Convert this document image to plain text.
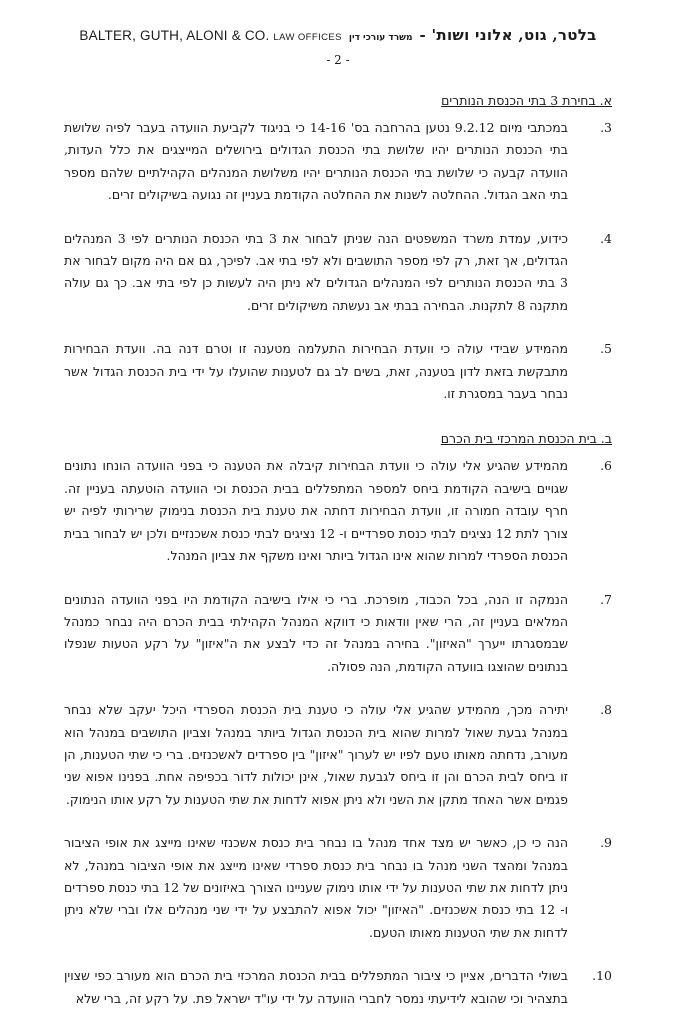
בלטר, גוט, אלוני ושות' -
משרד עורכי דין
BALTER, GUTH, ALONI & CO. LAW OFFICES
- 2 -
א. בחירת 3 בתי הכנסת הנותרים
3.
במכתבי מיום 9.2.12 נטען בהרחבה בס' 14-16 כי בניגוד לקביעת הוועדה בעבר לפיה שלושת בתי הכנסת הנותרים יהיו שלושת בתי הכנסת הגדולים בירושלים המייצגים את כלל העדות, הוועדה קבעה כי שלושת בתי הכנסת הנותרים יהיו משלושת המנהלים הקהילתיים שלהם מספר בתי האב הגדול. ההחלטה לשנות את ההחלטה הקודמת בעניין זה נגועה בשיקולים זרים.
4.
כידוע, עמדת משרד המשפטים הנה שניתן לבחור את 3 בתי הכנסת הנותרים לפי 3 המנהלים הגדולים, אך זאת, רק לפי מספר התושבים ולא לפי בתי אב. לפיכך, גם אם היה מקום לבחור את 3 בתי הכנסת הנותרים לפי המנהלים הגדולים לא ניתן היה לעשות כן לפי בתי אב. כך גם עולה מתקנה 8 לתקנות. הבחירה בבתי אב נעשתה משיקולים זרים.
5.
מהמידע שבידי עולה כי וועדת הבחירות התעלמה מטענה זו וטרם דנה בה. וועדת הבחירות מתבקשת בזאת לדון בטענה, זאת, בשים לב גם לטענות שהועלו על ידי בית הכנסת הגדול אשר נבחר בעבר במסגרת זו.
ב. בית הכנסת המרכזי בית הכרם
6.
מהמידע שהגיע אלי עולה כי וועדת הבחירות קיבלה את הטענה כי בפני הוועדה הונחו נתונים שגויים בישיבה הקודמת ביחס למספר המתפללים בבית הכנסת וכי הוועדה הוטעתה בעניין זה. חרף עובדה חמורה זו, וועדת הבחירות דחתה את טענת בית הכנסת בנימוק שרירותי לפיה יש צורך לתת 12 נציגים לבתי כנסת ספרדיים ו- 12 נציגים לבתי כנסת אשכנזיים ולכן יש לבחור בבית הכנסת הספרדי למרות שהוא אינו הגדול ביותר ואינו משקף את צביון המנהל.
7.
הנמקה זו הנה, בכל הכבוד, מופרכת. ברי כי אילו בישיבה הקודמת היו בפני הוועדה הנתונים המלאים בעניין זה, הרי שאין וודאות כי דווקא המנהל הקהילתי בבית הכרם היה נבחר כמנהל שבמסגרתו ייערך "האיזון". בחירה במנהל זה כדי לבצע את ה"איזון" על רקע הטעות שנפלו בנתונים שהוצגו בוועדה הקודמת, הנה פסולה.
8.
יתירה מכך, מהמידע שהגיע אלי עולה כי טענת בית הכנסת הספרדי היכל יעקב שלא נבחר במנהל גבעת שאול למרות שהוא בית הכנסת הגדול ביותר במנהל וצביון התושבים במנהל הוא מעורב, נדחתה מאותו טעם לפיו יש לערוך "איזון" בין ספרדים לאשכנזים. ברי כי שתי הטענות, הן זו ביחס לבית הכרם והן זו ביחס לגבעת שאול, אינן יכולות לדור בכפיפה אחת. בפנינו אפוא שני פגמים אשר האחד מתקן את השני ולא ניתן אפוא לדחות את שתי הטענות על רקע אותו הנימוק.
9.
הנה כי כן, כאשר יש מצד אחד מנהל בו נבחר בית כנסת אשכנזי שאינו מייצג את אופי הציבור במנהל ומהצד השני מנהל בו נבחר בית כנסת ספרדי שאינו מייצג את אופי הציבור במנהל, לא ניתן לדחות את שתי הטענות על ידי אותו נימוק שעניינו הצורך באיזונים של 12 בתי כנסת ספרדים ו- 12 בתי כנסת אשכנזים. "האיזון" יכול אפוא להתבצע על ידי שני מנהלים אלו וברי שלא ניתן לדחות את שתי הטענות מאותו הטעם.
10.
בשולי הדברים, אציין כי ציבור המתפללים בבית הכנסת המרכזי בית הכרם הוא מעורב כפי שצוין בתצהיר וכי שהובא לידיעתי נמסר לחברי הוועדה על ידי עו"ד ישראל פת. על רקע זה, ברי שלא
